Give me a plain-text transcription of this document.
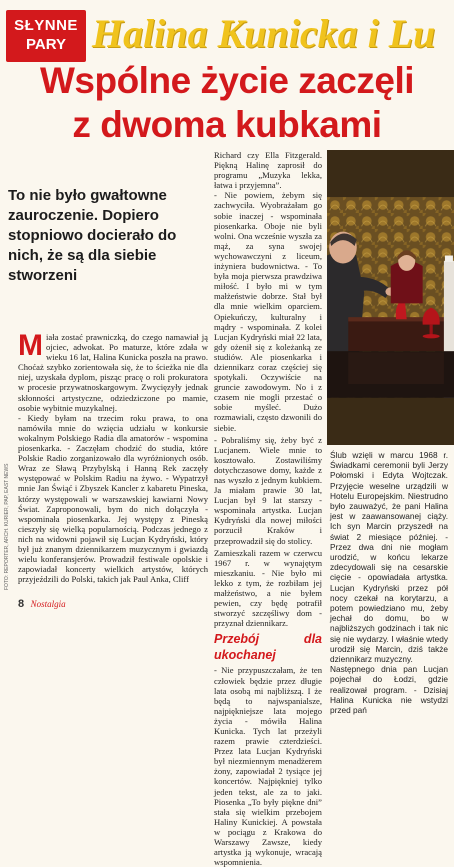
SŁYNNE
PARY Halina Kunicka i Lu
Wspólne życie zaczęli
z dwoma kubkami
To nie było gwałtowne zauroczenie. Dopiero stopniowo docierało do nich, że są dla siebie stworzeni
M iała zostać prawniczką, do czego namawiał ją ojciec, adwokat. Po maturze, które zdała w wieku 16 lat, Halina Kunicka poszła na prawo. Choćaż szybko zorientowała się, że to ścieżka nie dla niej, uzyskała dyplom, pisząc pracę o roli prokuratora w procesie przywatnoskargowym. Zwycięzyły jednak skłonności artystyczne, odziedziczone po mamie, osobie wybitnie muzykalnej.
- Kiedy byłam na trzecim roku prawa, to ona namówiła mnie do wzięcia udziału w konkursie wokalnym Polskiego Radia dla amatorów - wspomina piosenkarka. - Zaczęłam chodzić do studia, które Polskie Radio zorganizowało dla wyróżnionych osób. Wraz ze Sławą Przybylską i Hanną Rek zaczęły występować w Polskim Radiu na żywo. - Wypatrzył mnie Jan Świąć i Zbyszek Kancler z kabaretu Pineska, którzy występowali w warszawskiej kawiarni Nowy Świat. Zaproponowali, bym do nich dołączyła - wspominała piosenkarka. Jej występy z Pineską cieszyły się wielką popularnością. Podczas jednego z nich na widowni pojawił się Lucjan Kydryński, który był już znanym dziennikarzem muzycznym i gwiazdą wielu konferansjerów. Prowadził festiwale opolskie i zapowiadał koncerty wielkich artystów, których przyjeździli do Polski, takich jak Paul Anka, Cliff
Richard czy Ella Fitzgerald. Piękną Halinę zaprosił do programu „Muzyka lekka, łatwa i przyjemna”.
- Nie powiem, żebym się zachwyciła. Wyobrażałam go sobie inaczej - wspominała piosenkarka. Obojе nie byli wolni. Ona wcześnie wyszła za mąż, za syna swojej wychowawczyni z liceum, inżyniera budownictwa. - To była moja pierwsza prawdziwa miłość. I było mi w tym małżeństwie dobrze. Stał był dla mnie wielkim oparciem. Opiekuńczy, kulturalny i mądry - wspominała. Z kolei Lucjan Kydryński miał 22 lata, gdy ożenił się z koleżanką ze studiów. Ale piosenkarka i dziennikarz coraz częściej się spotykali. Oczywiście na gruncie zawodowym. No i z czasem nie mogli przestać o sobie myśleć. Dużo rozmawiali, często dzwonili do siebie.
- Pobraliśmy się, żeby być z Lucjanem. Wiele mnie to kosztowało. Zostawiliśmy dotychczasowe domy, każde z nas wyszło z jednym kubkiem. Ja miałam prawie 30 lat, Lucjan był 9 lat starszy - wspominała artystka. Lucjan Kydryński dla nowej miłości porzucił Kraków i przeprowadził się do stolicy.
Zamieszkali razem w czerwcu 1967 r. w wynajętym mieszkaniu. - Nie było mi lekko z tym, że rozbiłam jej małżeństwo, a nie byłem pewien, czy będę potrafił stworzyć szczęśliwy dom - przyznał dziennikarz.
Przebój dla ukochanej
- Nie przypuszczałam, że ten człowiek będzie przez długie lata osobą mi najbliższą. I że będą to najwspanialsze, najpiękniejsze lata mojego życia - mówiła Halina Kunicka. Tych lat przeżyli razem prawie czterdzieści. Przez lata Lucjan Kydryński był niezmiennym menadżerem żony, zapowiadał 2 tysiące jej koncertów. Najpiękniej tylko jeden tekst, ale za to jaki. Piosenka „To były piękne dni” stała się wielkim przebojem Haliny Kunickiej. A powstała w pociągu z Krakowa do Warszawy Zawsze, kiedy artystka ją wykonuje, wracają wspomnienia.
Ślub wzięli w marcu 1968 r. Świadkami ceremonii byli Jerzy Połomski i Edyta Wojtczak. Przyjęcie weselne urządzili w Hotelu Europejskim. Niestrudno było zauważyć, że pani Halina jest w zaawansowanej ciąży. Ich syn Marcin przyszedł na świat 2 miesiące później. - Przez dwa dni nie mogłam urodzić, w końcu lekarze zdecydowali się na cesarskie cięcie - opowiadała artystka. Lucjan Kydryński przez pół nocy czekał na korytarzu, a potem powiedziano mu, żeby jechał do domu, bo w najbliższych godzinach i tak nic się nie wydarzy. I właśnie wtedy urodził się Marcin, dziś także dziennikarz muzyczny.
Następnego dnia pan Lucjan pojechał do Łodzi, gdzie realizował program. - Dzisiaj Halina Kunicka nie wstydzi przed pań
FOTO: REPORTER, ARCH. KURIER, PAP, EAST NEWS
8 Nostalgia
